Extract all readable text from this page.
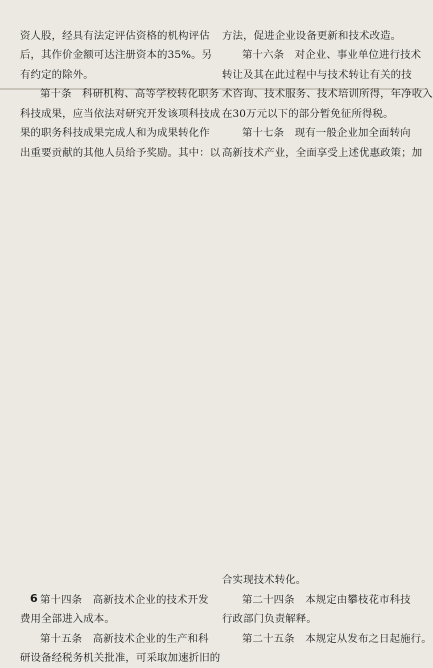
资人股，经具有法定评估资格的机构评估
后，其作价金额可达注册资本的35%。另
有约定的除外。
第十条　科研机构、高等学校转化职务
科技成果，应当依法对研究开发该项科技成
果的职务科技成果完成人和为成果转化作
出重要贡献的其他人员给予奖励。其中：以
第十四条　高新技术企业的技术开发
费用全部进入成本。
第十五条　高新技术企业的生产和科
研设备经税务机关批准，可采取加速折旧的
方法，促进企业设备更新和技术改造。
第十六条　对企业、事业单位进行技术
转让及其在此过程中与技术转让有关的技
术咨询、技术服务、技术培训所得，年净收入
在30万元以下的部分暂免征所得税。
第十七条　现有一般企业加全面转向
高新技术产业，全面享受上述优惠政策；加
合实现技术转化。
第二十四条　本规定由攀枝花市科技
行政部门负责解释。
第二十五条　本规定从发布之日起施行。
6
